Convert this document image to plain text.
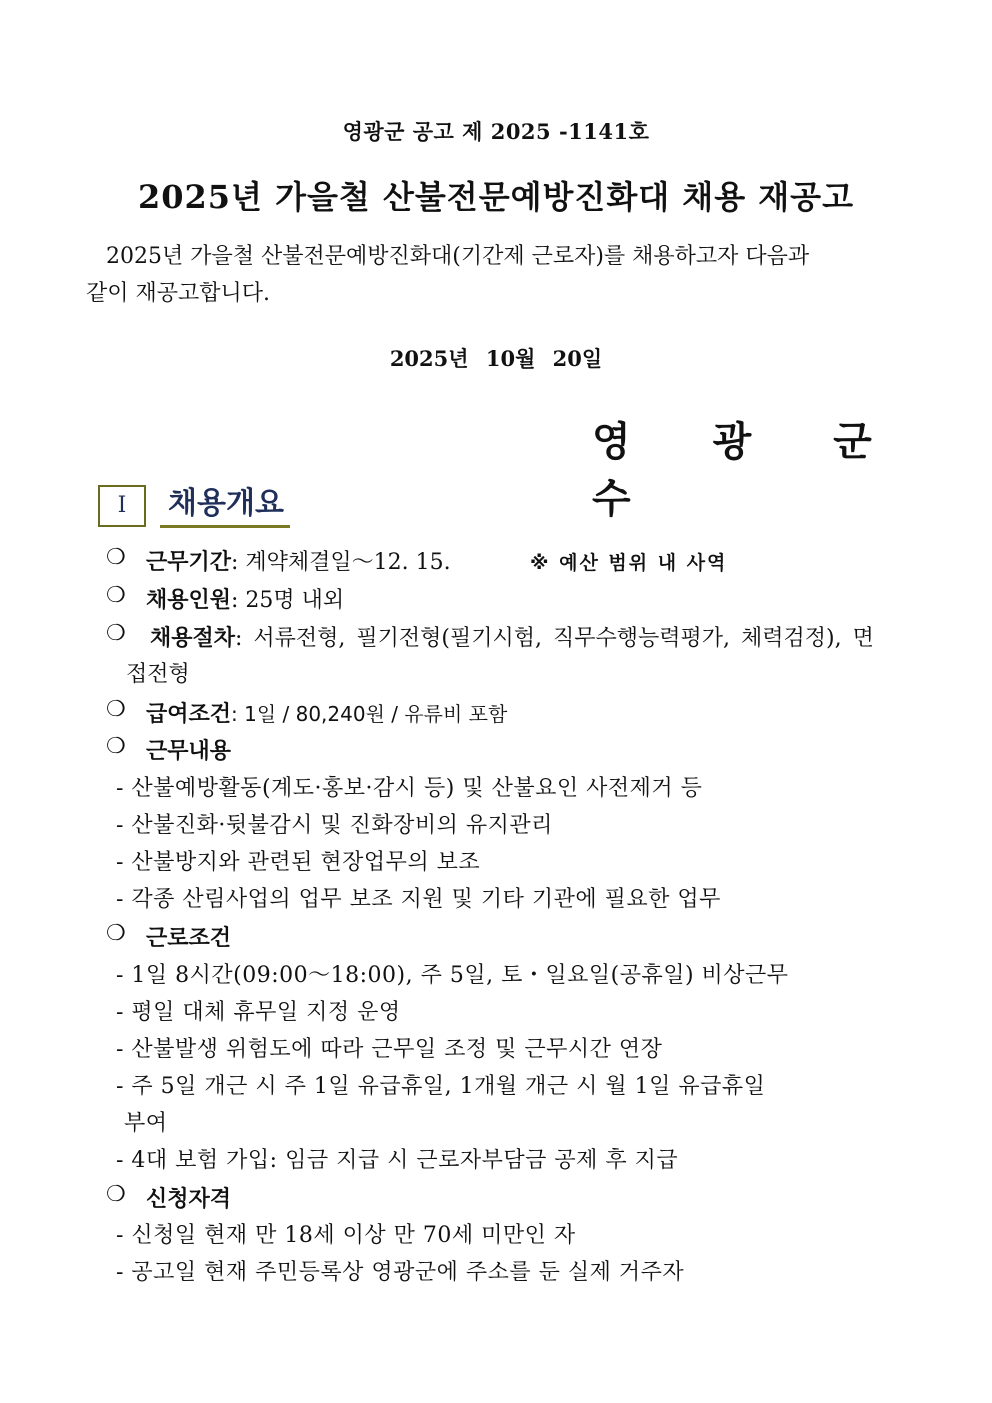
영광군 공고 제 2025 -1141호
2025년 가을철 산불전문예방진화대 채용 재공고
2025년 가을철 산불전문예방진화대(기간제 근로자)를 채용하고자 다음과
같이 재공고합니다.
2025년 10월 20일
영 광 군 수
I	채용개요
❍ 근무기간: 계약체결일～12. 15.	※ 예산 범위 내 사역
❍ 채용인원: 25명 내외
❍ 채용절차: 서류전형, 필기전형(필기시험, 직무수행능력평가, 체력검정), 면
접전형
❍ 급여조건: 1일 / 80,240원 / 유류비 포함
❍ 근무내용
- 산불예방활동(계도·홍보·감시 등) 및 산불요인 사전제거 등
- 산불진화·뒷불감시 및 진화장비의 유지관리
- 산불방지와 관련된 현장업무의 보조
- 각종 산림사업의 업무 보조 지원 및 기타 기관에 필요한 업무
❍ 근로조건
- 1일 8시간(09:00～18:00), 주 5일, 토・일요일(공휴일) 비상근무
- 평일 대체 휴무일 지정 운영
- 산불발생 위험도에 따라 근무일 조정 및 근무시간 연장
- 주 5일 개근 시 주 1일 유급휴일, 1개월 개근 시 월 1일 유급휴일
부여
- 4대 보험 가입: 임금 지급 시 근로자부담금 공제 후 지급
❍ 신청자격
- 신청일 현재 만 18세 이상 만 70세 미만인 자
- 공고일 현재 주민등록상 영광군에 주소를 둔 실제 거주자
